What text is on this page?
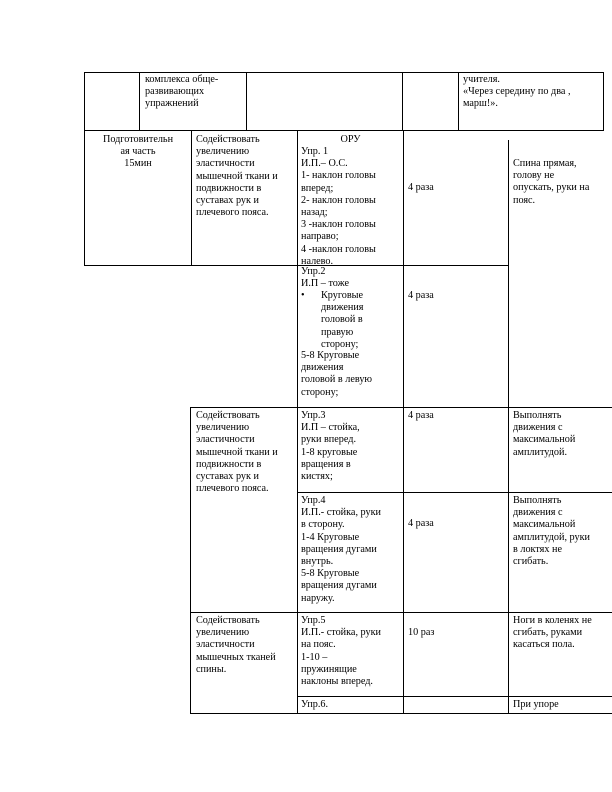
комплекса обще-
развивающих
упражнений
учителя.
«Через середину по два ,
марш!».
Подготовительн
ая часть
15мин
Содействовать
увеличению
эластичности
мышечной ткани и
подвижности в
суставах рук и
плечевого пояса.
ОРУ
Упр. 1
И.П.– О.С.
1- наклон головы
вперед;
2- наклон головы
назад;
3 -наклон головы
направо;
4 -наклон головы
налево.
4 раза
Спина прямая,
голову не
опускать, руки на
пояс.
Упр.2
И.П – тоже
• Круговые
движения
головой в
правую
сторону;
5-8 Круговые
движения
головой в левую
сторону;
4 раза
Содействовать
увеличению
эластичности
мышечной ткани и
подвижности в
суставах рук и
плечевого пояса.
Упр.3
И.П – стойка,
руки вперед.
1-8 круговые
вращения в
кистях;
4 раза	Выполнять
движения с
максимальной
амплитудой.
Упр.4
И.П.- стойка, руки
в сторону.
1-4 Круговые
вращения дугами
внутрь.
5-8 Круговые
вращения дугами
наружу.
4 раза
Выполнять
движения с
максимальной
амплитудой, руки
в локтях не
сгибать.
Содействовать
увеличению
эластичности
мышечных тканей
спины.
Упр.5
И.П.- стойка, руки
на пояс.
1-10 –
пружинящие
наклоны вперед.
10 раз
Ноги в коленях не
сгибать, руками
касаться пола.
Упр.6.	При упоре
